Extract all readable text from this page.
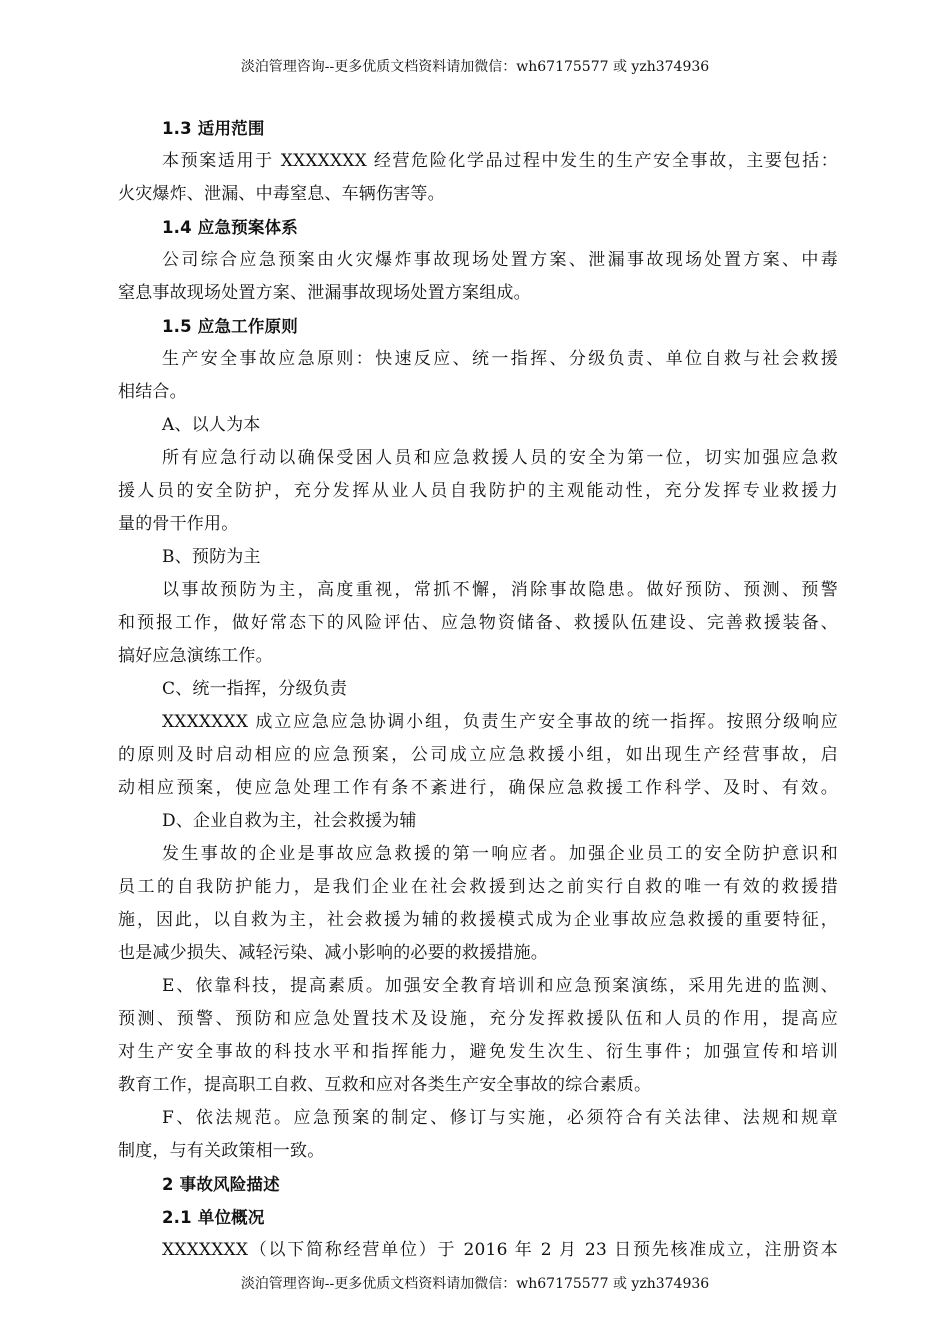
淡泊管理咨询--更多优质文档资料请加微信：wh67175577 或 yzh374936
1.3 适用范围
本预案适用于 XXXXXXX 经营危险化学品过程中发生的生产安全事故，主要包括：
火灾爆炸、泄漏、中毒窒息、车辆伤害等。
1.4 应急预案体系
公司综合应急预案由火灾爆炸事故现场处置方案、泄漏事故现场处置方案、中毒
窒息事故现场处置方案、泄漏事故现场处置方案组成。
1.5 应急工作原则
生产安全事故应急原则：快速反应、统一指挥、分级负责、单位自救与社会救援
相结合。
A、以人为本
所有应急行动以确保受困人员和应急救援人员的安全为第一位，切实加强应急救
援人员的安全防护，充分发挥从业人员自我防护的主观能动性，充分发挥专业救援力
量的骨干作用。
B、预防为主
以事故预防为主，高度重视，常抓不懈，消除事故隐患。做好预防、预测、预警
和预报工作，做好常态下的风险评估、应急物资储备、救援队伍建设、完善救援装备、
搞好应急演练工作。
C、统一指挥，分级负责
XXXXXXX 成立应急应急协调小组，负责生产安全事故的统一指挥。按照分级响应
的原则及时启动相应的应急预案，公司成立应急救援小组，如出现生产经营事故，启
动相应预案，使应急处理工作有条不紊进行，确保应急救援工作科学、及时、有效。
D、企业自救为主，社会救援为辅
发生事故的企业是事故应急救援的第一响应者。加强企业员工的安全防护意识和
员工的自我防护能力，是我们企业在社会救援到达之前实行自救的唯一有效的救援措
施，因此，以自救为主，社会救援为辅的救援模式成为企业事故应急救援的重要特征，
也是减少损失、减轻污染、减小影响的必要的救援措施。
E、依靠科技，提高素质。加强安全教育培训和应急预案演练，采用先进的监测、
预测、预警、预防和应急处置技术及设施，充分发挥救援队伍和人员的作用，提高应
对生产安全事故的科技水平和指挥能力，避免发生次生、衍生事件；加强宣传和培训
教育工作，提高职工自救、互救和应对各类生产安全事故的综合素质。
F、依法规范。应急预案的制定、修订与实施，必须符合有关法律、法规和规章
制度，与有关政策相一致。
2 事故风险描述
2.1 单位概况
XXXXXXX（以下简称经营单位）于 2016 年 2 月 23 日预先核准成立，注册资本
淡泊管理咨询--更多优质文档资料请加微信：wh67175577 或 yzh374936
